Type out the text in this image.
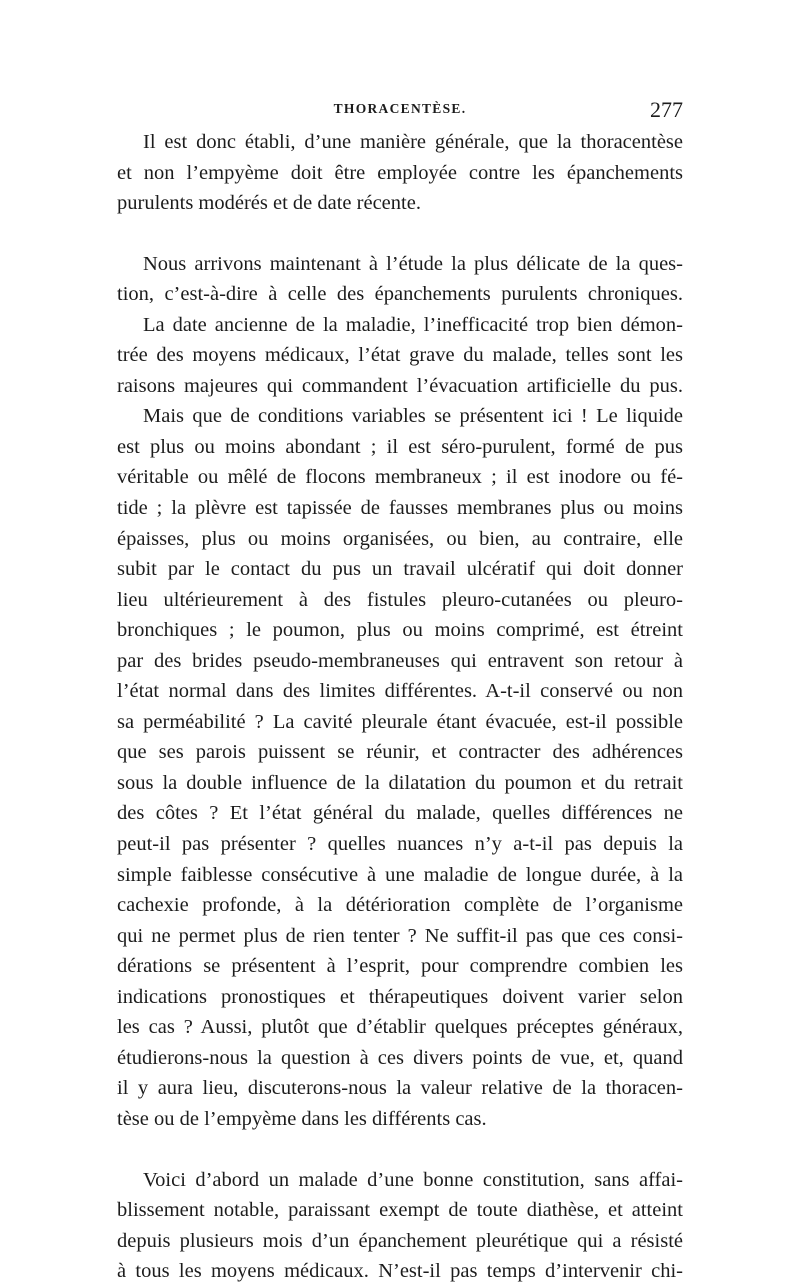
THORACENTÈSE.	277
Il est donc établi, d’une manière générale, que la thoracentèse
et non l’empyème doit être employée contre les épanchements
purulents modérés et de date récente.
Nous arrivons maintenant à l’étude la plus délicate de la ques-
tion, c’est-à-dire à celle des épanchements purulents chroniques.
La date ancienne de la maladie, l’inefficacité trop bien démon-
trée des moyens médicaux, l’état grave du malade, telles sont les
raisons majeures qui commandent l’évacuation artificielle du pus.
Mais que de conditions variables se présentent ici ! Le liquide
est plus ou moins abondant ; il est séro-purulent, formé de pus
véritable ou mêlé de flocons membraneux ; il est inodore ou fé-
tide ; la plèvre est tapissée de fausses membranes plus ou moins
épaisses, plus ou moins organisées, ou bien, au contraire, elle
subit par le contact du pus un travail ulcératif qui doit donner
lieu ultérieurement à des fistules pleuro-cutanées ou pleuro-
bronchiques ; le poumon, plus ou moins comprimé, est étreint
par des brides pseudo-membraneuses qui entravent son retour à
l’état normal dans des limites différentes. A-t-il conservé ou non
sa perméabilité ? La cavité pleurale étant évacuée, est-il possible
que ses parois puissent se réunir, et contracter des adhérences
sous la double influence de la dilatation du poumon et du retrait
des côtes ? Et l’état général du malade, quelles différences ne
peut-il pas présenter ? quelles nuances n’y a-t-il pas depuis la
simple faiblesse consécutive à une maladie de longue durée, à la
cachexie profonde, à la détérioration complète de l’organisme
qui ne permet plus de rien tenter ? Ne suffit-il pas que ces consi-
dérations se présentent à l’esprit, pour comprendre combien les
indications pronostiques et thérapeutiques doivent varier selon
les cas ? Aussi, plutôt que d’établir quelques préceptes généraux,
étudierons-nous la question à ces divers points de vue, et, quand
il y aura lieu, discuterons-nous la valeur relative de la thoracen-
tèse ou de l’empyème dans les différents cas.
Voici d’abord un malade d’une bonne constitution, sans affai-
blissement notable, paraissant exempt de toute diathèse, et atteint
depuis plusieurs mois d’un épanchement pleurétique qui a résisté
à tous les moyens médicaux. N’est-il pas temps d’intervenir chi-
